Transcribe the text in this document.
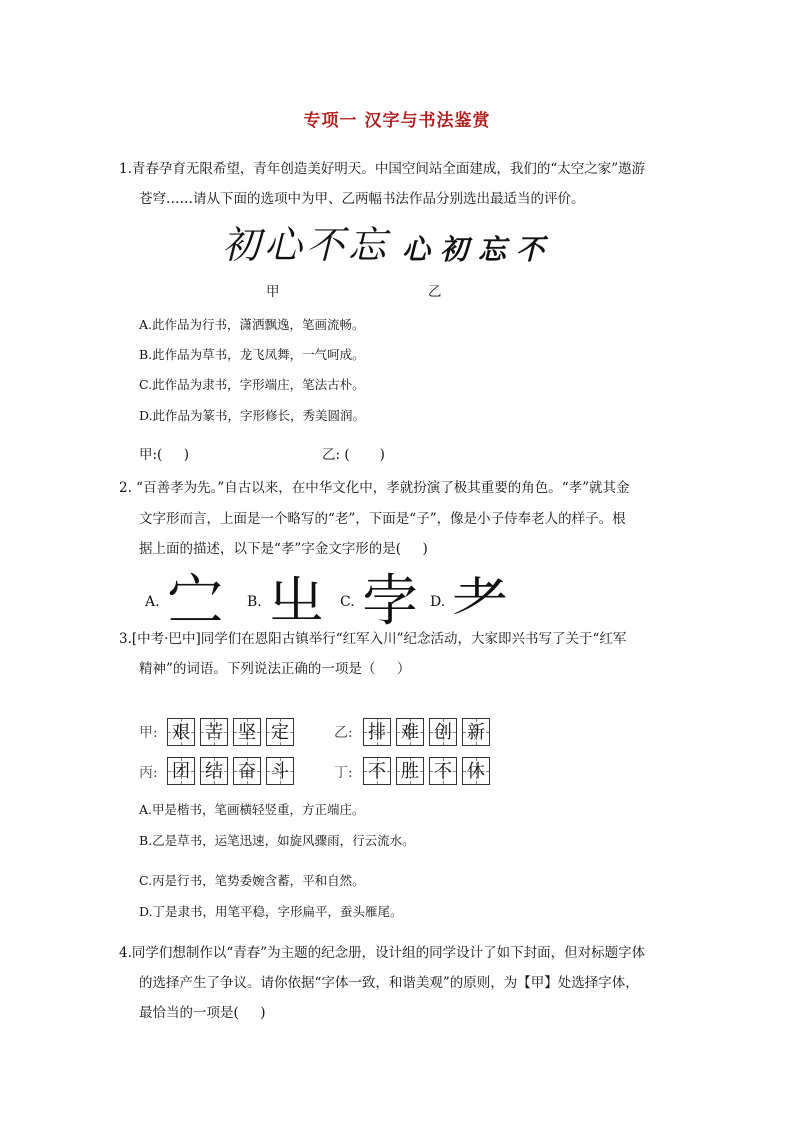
专项一 汉字与书法鉴赏
1.青春孕育无限希望，青年创造美好明天。中国空间站全面建成，我们的“太空之家”遨游
苍穹……请从下面的选项中为甲、乙两幅书法作品分别选出最适当的评价。
初心不忘 心初忘不
甲	乙
A.此作品为行书，潇洒飘逸，笔画流畅。
B.此作品为草书，龙飞凤舞，一气呵成。
C.此作品为隶书，字形端庄，笔法古朴。
D.此作品为篆书，字形修长，秀美圆润。
甲:(     )	乙: (       )
2. “百善孝为先。”自古以来，在中华文化中，孝就扮演了极其重要的角色。“孝”就其金
文字形而言，上面是一个略写的“老”，下面是“子”，像是小子侍奉老人的样子。根
据上面的描述，以下是“孝”字金文字形的是(     )
A. 㝉 B. 㞢 C. 孛 D. 耂
3.[中考·巴中]同学们在恩阳古镇举行“红军入川”纪念活动，大家即兴书写了关于“红军
精神”的词语。下列说法正确的一项是（     ）
甲: 艰 苦 坚 定	乙: 排 难 创 新
丙: 团 结 奋 斗	丁: 不 胜 不 休
A.甲是楷书，笔画横轻竖重，方正端庄。
B.乙是草书，运笔迅速，如旋风骤雨，行云流水。
C.丙是行书，笔势委婉含蓄，平和自然。
D.丁是隶书，用笔平稳，字形扁平，蚕头雁尾。
4.同学们想制作以“青春”为主题的纪念册，设计组的同学设计了如下封面，但对标题字体
的选择产生了争议。请你依据“字体一致，和谐美观”的原则，为【甲】处选择字体，
最恰当的一项是(     )
